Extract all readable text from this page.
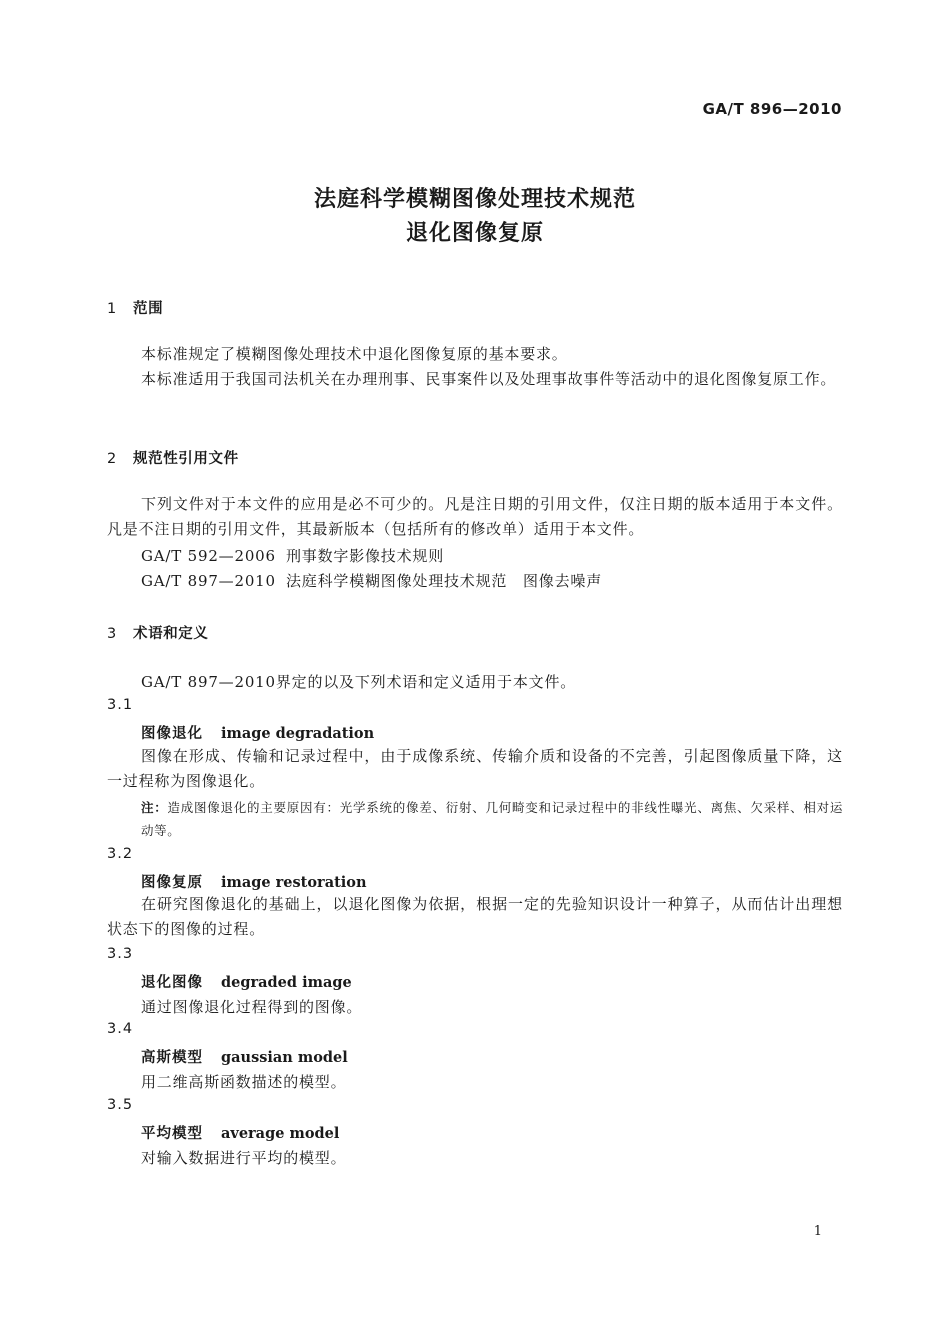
GA/T 896—2010
法庭科学模糊图像处理技术规范
退化图像复原
1 范围
本标准规定了模糊图像处理技术中退化图像复原的基本要求。
本标准适用于我国司法机关在办理刑事、民事案件以及处理事故事件等活动中的退化图像复原工作。
2 规范性引用文件
下列文件对于本文件的应用是必不可少的。凡是注日期的引用文件，仅注日期的版本适用于本文件。凡是不注日期的引用文件，其最新版本（包括所有的修改单）适用于本文件。
GA/T 592—2006 刑事数字影像技术规则
GA/T 897—2010 法庭科学模糊图像处理技术规范　图像去噪声
3 术语和定义
GA/T 897—2010界定的以及下列术语和定义适用于本文件。
3.1
图像退化 image degradation
图像在形成、传输和记录过程中，由于成像系统、传输介质和设备的不完善，引起图像质量下降，这一过程称为图像退化。
注：造成图像退化的主要原因有：光学系统的像差、衍射、几何畸变和记录过程中的非线性曝光、离焦、欠采样、相对运动等。
3.2
图像复原 image restoration
在研究图像退化的基础上，以退化图像为依据，根据一定的先验知识设计一种算子，从而估计出理想状态下的图像的过程。
3.3
退化图像 degraded image
通过图像退化过程得到的图像。
3.4
高斯模型 gaussian model
用二维高斯函数描述的模型。
3.5
平均模型 average model
对输入数据进行平均的模型。
1
